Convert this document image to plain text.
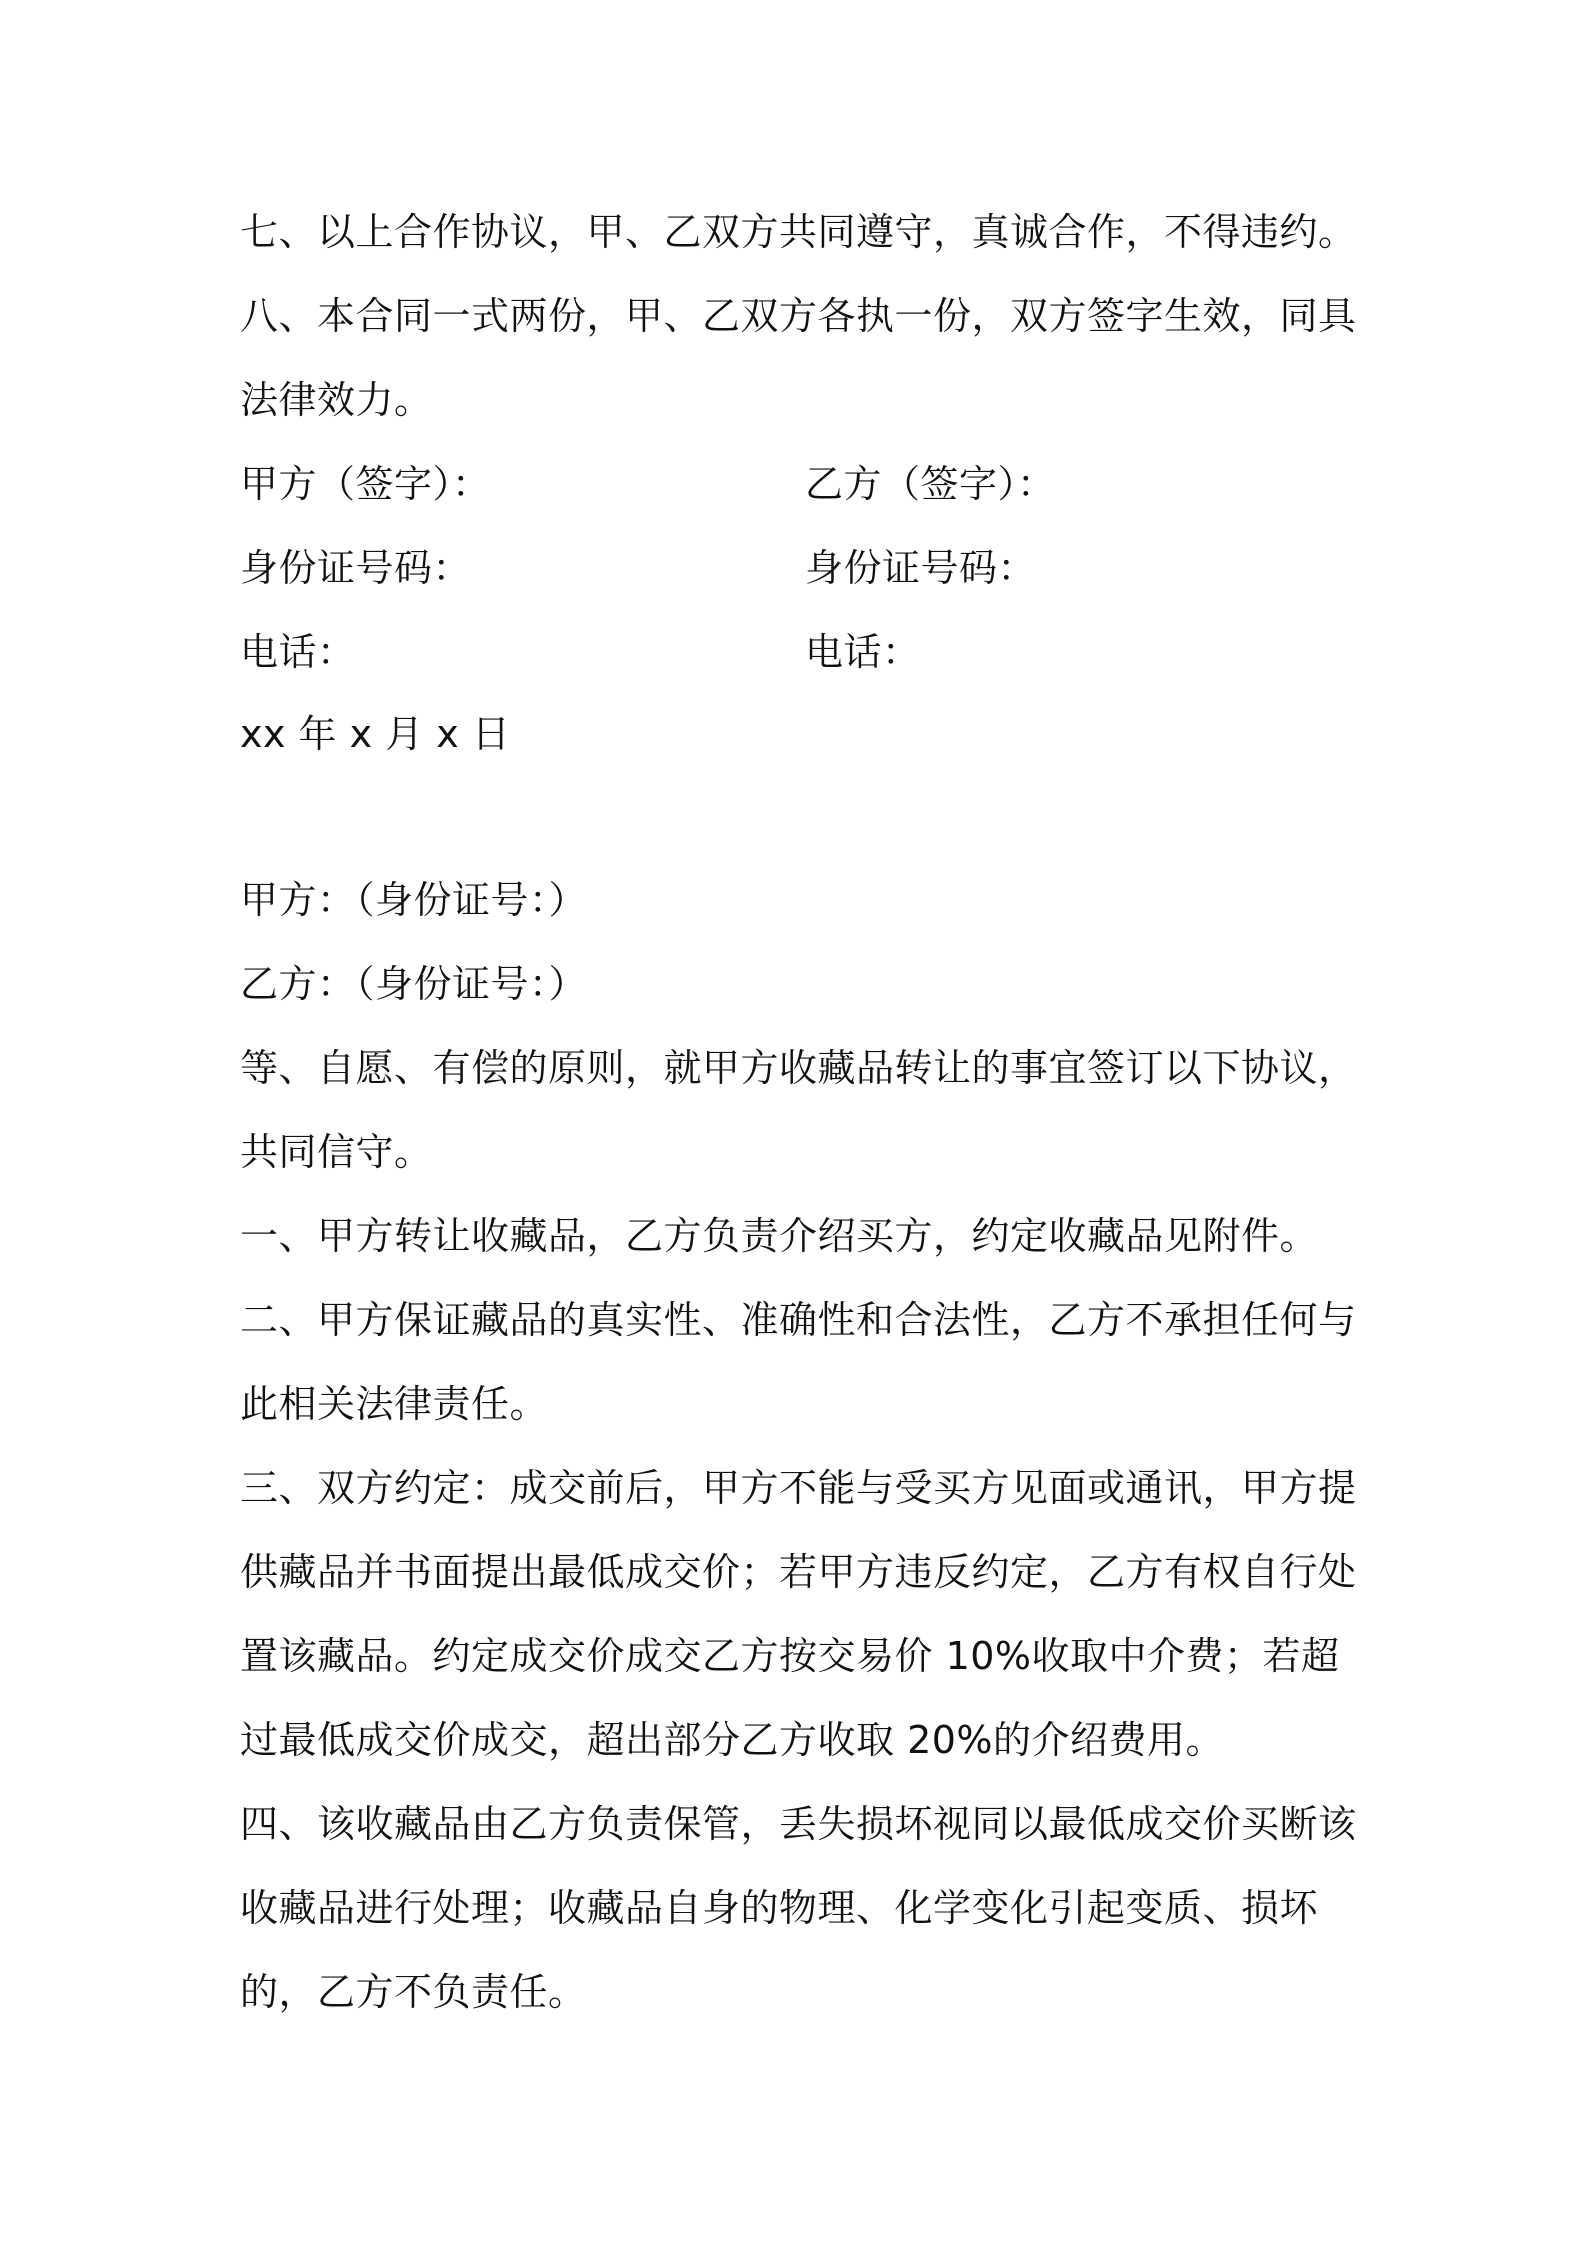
七、以上合作协议，甲、乙双方共同遵守，真诚合作，不得违约。八、本合同一式两份，甲、乙双方各执一份，双方签字生效，同具法律效力。

甲方（签字）：	乙方（签字）：
身份证号码：	身份证号码：
电话：	电话：
xx 年 x 月 x 日

甲方：（身份证号：）

乙方：（身份证号：）

等、自愿、有偿的原则，就甲方收藏品转让的事宜签订以下协议，共同信守。

一、甲方转让收藏品，乙方负责介绍买方，约定收藏品见附件。

二、甲方保证藏品的真实性、准确性和合法性，乙方不承担任何与此相关法律责任。

三、双方约定：成交前后，甲方不能与受买方见面或通讯，甲方提供藏品并书面提出最低成交价；若甲方违反约定，乙方有权自行处置该藏品。约定成交价成交乙方按交易价 10%收取中介费；若超过最低成交价成交，超出部分乙方收取 20%的介绍费用。

四、该收藏品由乙方负责保管，丢失损坏视同以最低成交价买断该收藏品进行处理；收藏品自身的物理、化学变化引起变质、损坏的，乙方不负责任。
